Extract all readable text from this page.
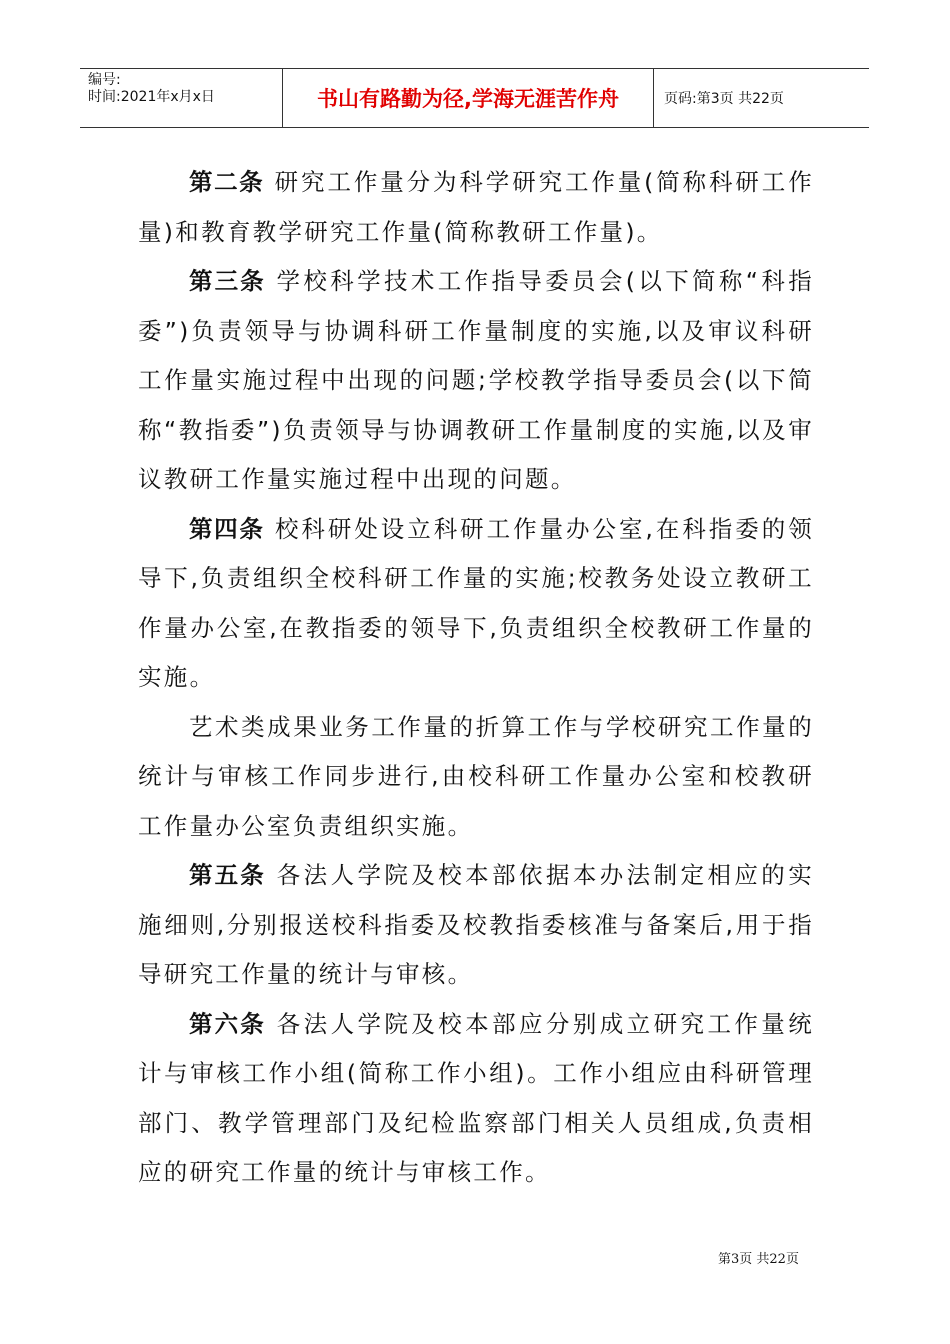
编号:
时间:2021年x月x日	书山有路勤为径,学海无涯苦作舟	页码:第3页 共22页

第二条 研究工作量分为科学研究工作量(简称科研工作量)和教育教学研究工作量(简称教研工作量)。

第三条 学校科学技术工作指导委员会(以下简称“科指委”)负责领导与协调科研工作量制度的实施,以及审议科研工作量实施过程中出现的问题;学校教学指导委员会(以下简称“教指委”)负责领导与协调教研工作量制度的实施,以及审议教研工作量实施过程中出现的问题。

第四条 校科研处设立科研工作量办公室,在科指委的领导下,负责组织全校科研工作量的实施;校教务处设立教研工作量办公室,在教指委的领导下,负责组织全校教研工作量的实施。

艺术类成果业务工作量的折算工作与学校研究工作量的统计与审核工作同步进行,由校科研工作量办公室和校教研工作量办公室负责组织实施。

第五条 各法人学院及校本部依据本办法制定相应的实施细则,分别报送校科指委及校教指委核准与备案后,用于指导研究工作量的统计与审核。

第六条 各法人学院及校本部应分别成立研究工作量统计与审核工作小组(简称工作小组)。工作小组应由科研管理部门、教学管理部门及纪检监察部门相关人员组成,负责相应的研究工作量的统计与审核工作。

第3页 共22页
